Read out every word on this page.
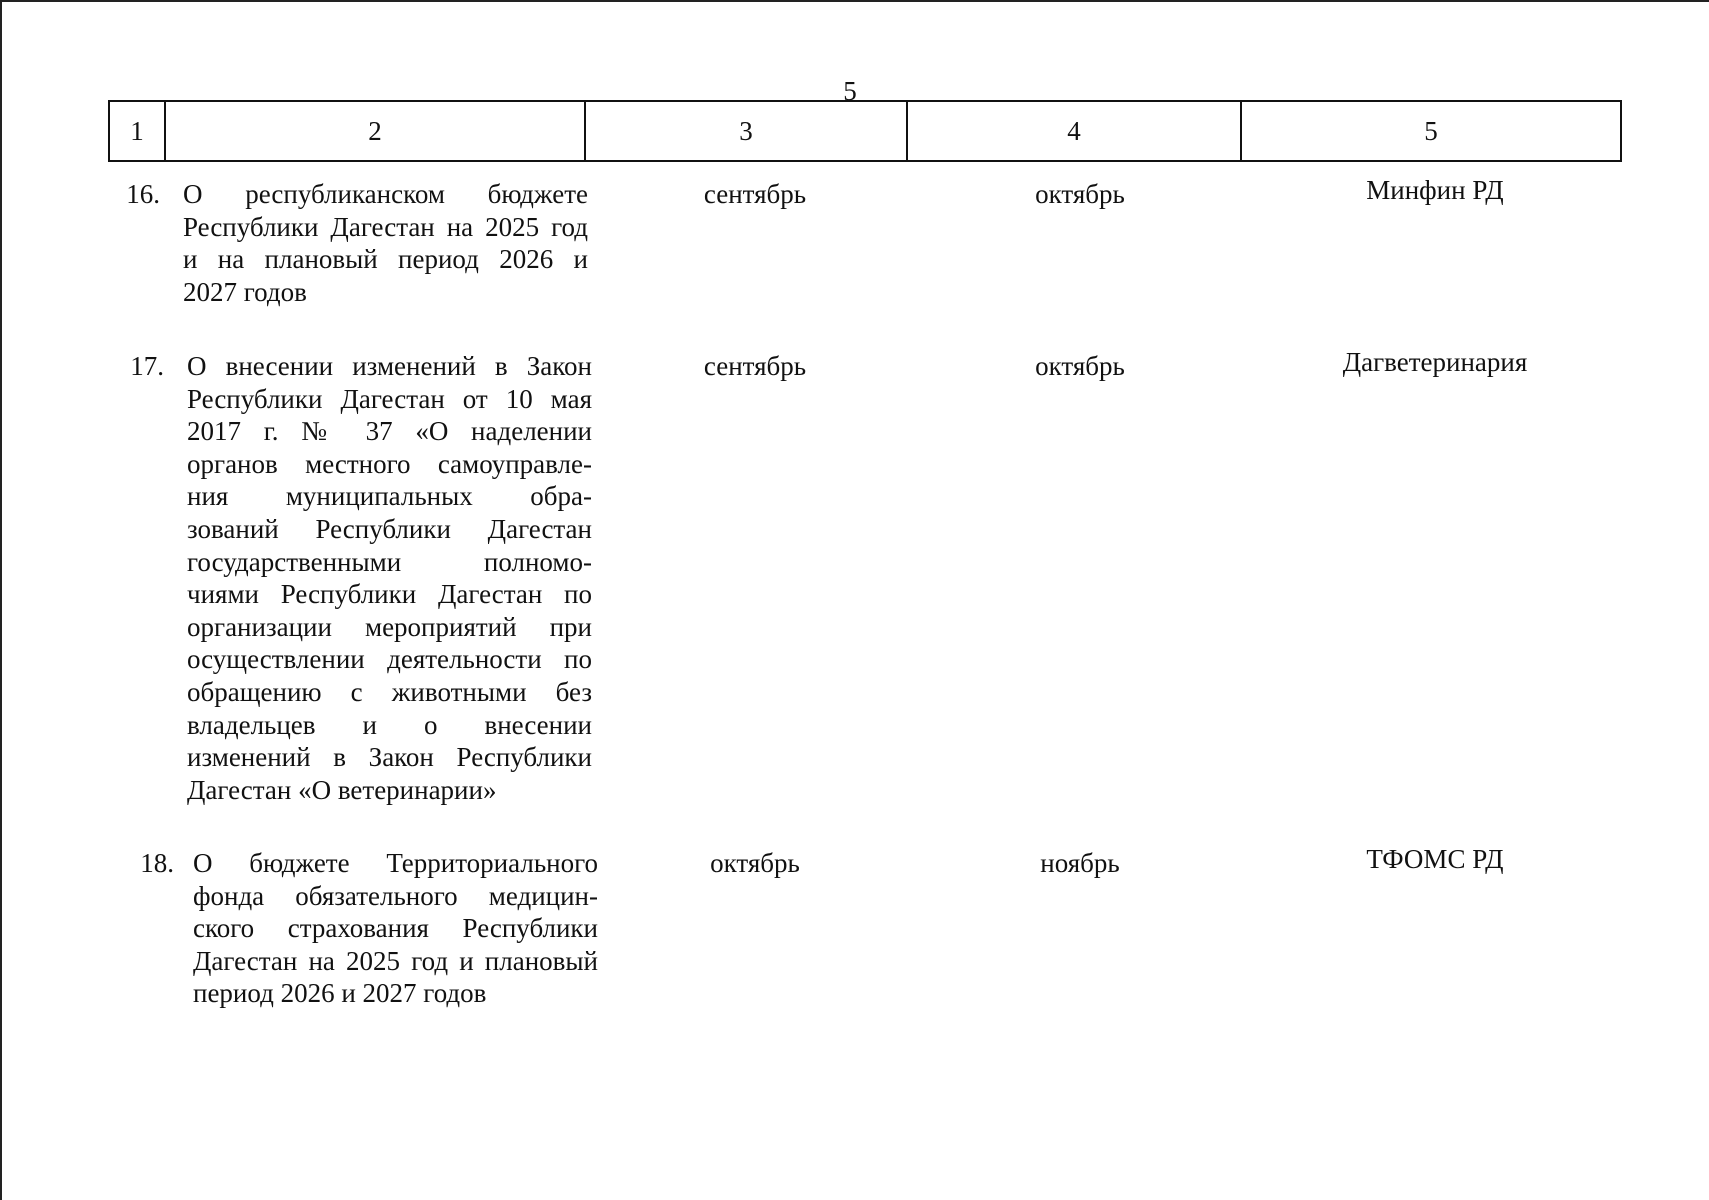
5
1	2	3	4	5
16. О республиканском бюджете
Республики Дагестан на 2025 год
и на плановый период 2026 и
2027 годов
сентябрь	октябрь	Минфин РД
17. О внесении изменений в Закон
Республики Дагестан от 10 мая
2017 г. № 37 «О наделении
органов местного самоуправле-
ния муниципальных обра-
зований Республики Дагестан
государственными полномо-
чиями Республики Дагестан по
организации мероприятий при
осуществлении деятельности по
обращению с животными без
владельцев и о внесении
изменений в Закон Республики
Дагестан «О ветеринарии»
сентябрь	октябрь	Дагветеринария
18. О бюджете Территориального
фонда обязательного медицин-
ского страхования Республики
Дагестан на 2025 год и плановый
период 2026 и 2027 годов
октябрь	ноябрь	ТФОМС РД
